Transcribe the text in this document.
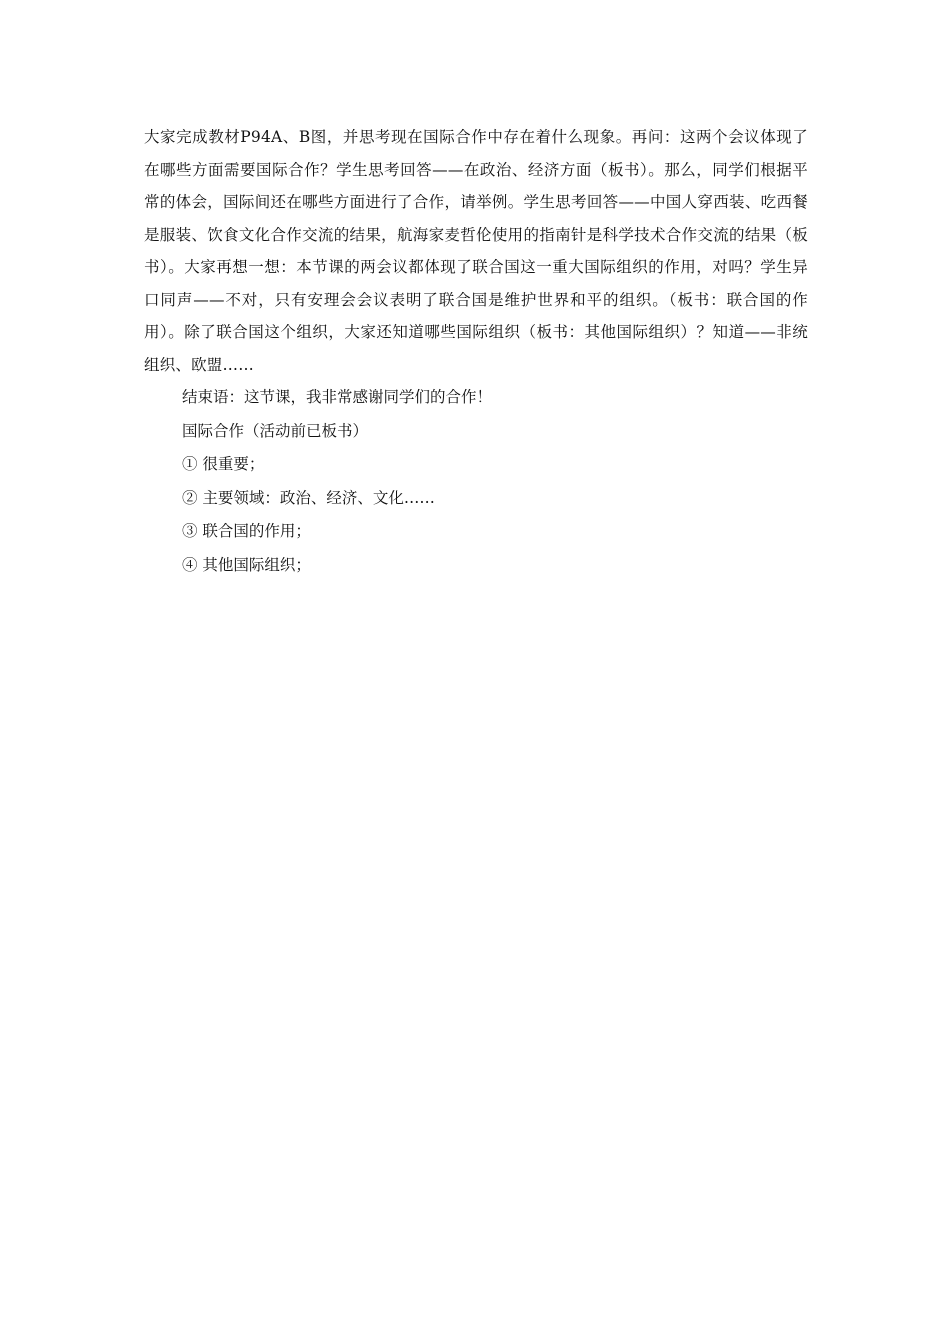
大家完成教材P94A、B图，并思考现在国际合作中存在着什么现象。再问：这两个会议体现了在哪些方面需要国际合作？学生思考回答——在政治、经济方面（板书）。那么，同学们根据平常的体会，国际间还在哪些方面进行了合作，请举例。学生思考回答——中国人穿西装、吃西餐是服装、饮食文化合作交流的结果，航海家麦哲伦使用的指南针是科学技术合作交流的结果（板书）。大家再想一想：本节课的两会议都体现了联合国这一重大国际组织的作用，对吗？学生异口同声——不对，只有安理会会议表明了联合国是维护世界和平的组织。（板书：联合国的作用）。除了联合国这个组织，大家还知道哪些国际组织（板书：其他国际组织）？知道——非统组织、欧盟……

结束语：这节课，我非常感谢同学们的合作！

国际合作（活动前已板书）

① 很重要；

② 主要领域：政治、经济、文化……

③ 联合国的作用；

④ 其他国际组织；
